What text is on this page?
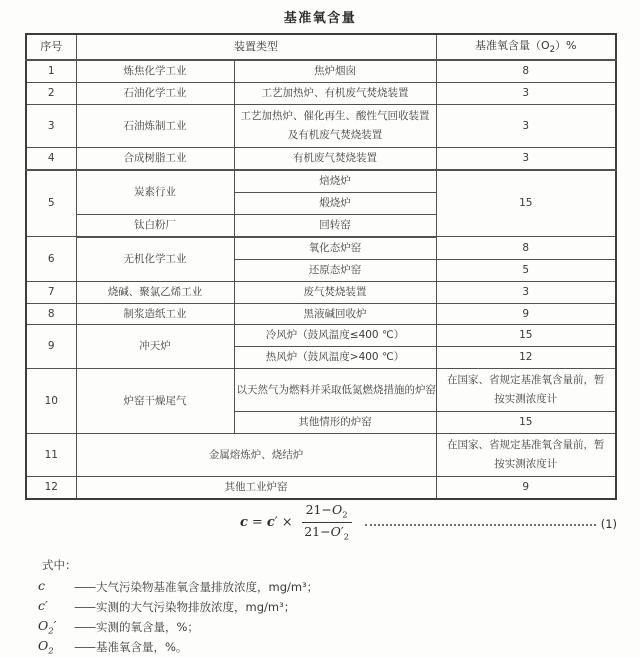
基准氧含量
序号	装置类型		基准氧含量$(O_2)\%$
1	炼焦化学工业	焦炉烟囱	8
2	石油化学工业	工艺加热炉、有机废气焚烧装置	3
3	石油炼制工业	工艺加热炉、催化再生、酸性气回收装置及有机废气焚烧装置	3
4	合成树脂工业	有机废气焚烧装置	3
5	炭素行业	焙烧炉	15
		煅烧炉	
	钛白粉厂	回转窑	
6	无机化学工业	氧化态炉窑	8
		还原态炉窑	5
7	烧碱、聚氯乙烯工业	废气焚烧装置	3
8	制浆造纸工业	黑液碱回收炉	9
9	冲天炉	冷风炉（鼓风温度≤400 ℃）	15
		热风炉（鼓风温度>400 ℃）	12
10	炉窑干燥尾气	以天然气为燃料并采取低氮燃烧措施的炉窑	在国家、省规定基准氧含量前，暂按实测浓度计
		其他情形的炉窑	15
11	金属熔炼炉、烧结炉		在国家、省规定基准氧含量前，暂按实测浓度计
12	其他工业炉窑		9
c = c ′ × $\frac{21-O_2}{21-O'_2}$	(1)
式中：
c	—— 大气污染物基准氧含量排放浓度，mg/m³；
c′	—— 实测的大气污染物排放浓度，mg/m³；
$O_2'$	—— 实测的氧含量，%；
$O_2$	—— 基准氧含量，%。
